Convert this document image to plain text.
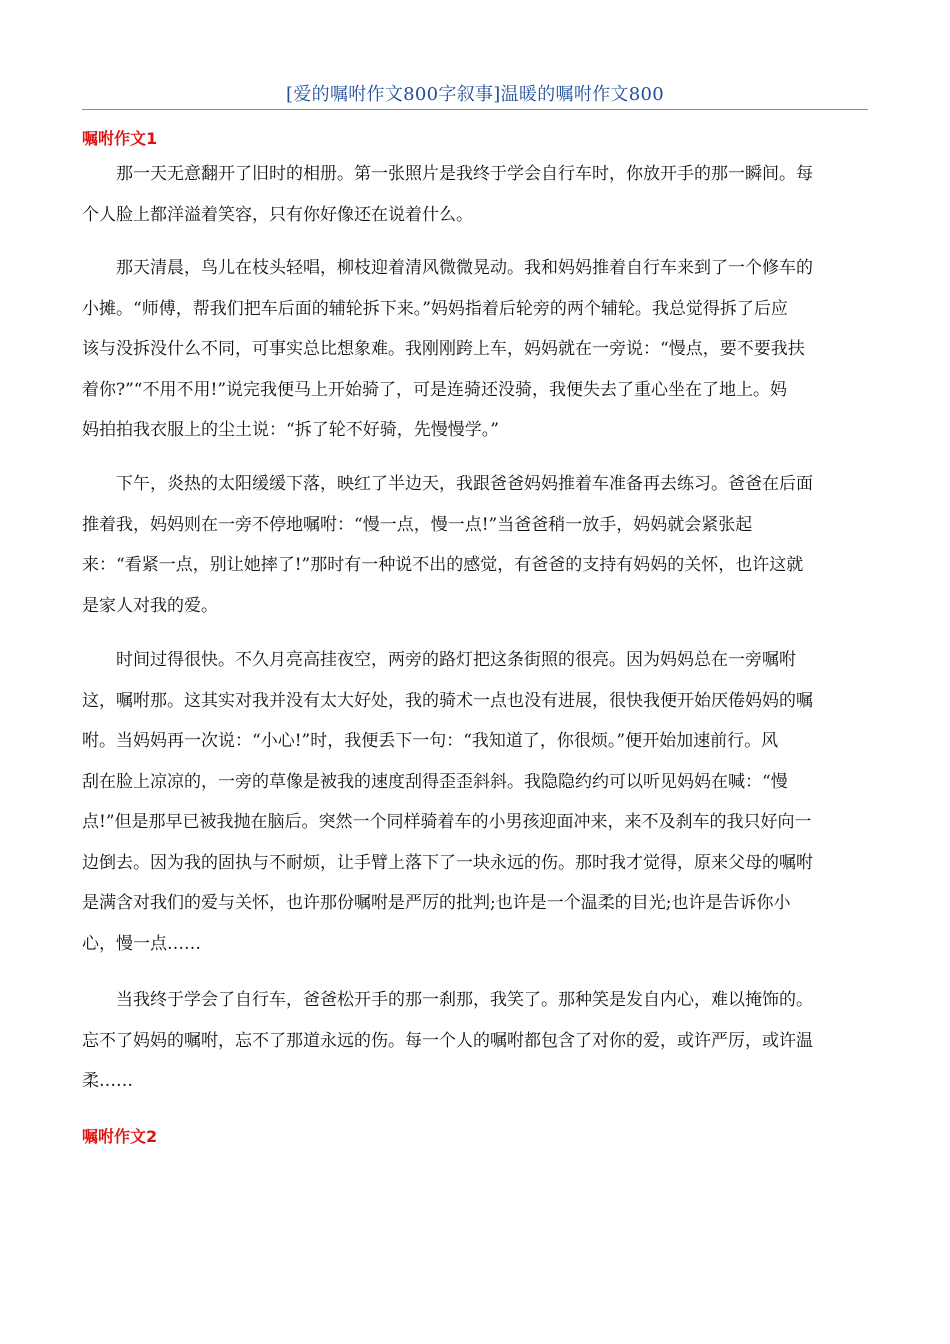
[爱的嘱咐作文800字叙事]温暖的嘱咐作文800
嘱咐作文1
那一天无意翻开了旧时的相册。第一张照片是我终于学会自行车时，你放开手的那一瞬间。每
个人脸上都洋溢着笑容，只有你好像还在说着什么。
那天清晨，鸟儿在枝头轻唱，柳枝迎着清风微微晃动。我和妈妈推着自行车来到了一个修车的
小摊。“师傅，帮我们把车后面的辅轮拆下来。”妈妈指着后轮旁的两个辅轮。我总觉得拆了后应
该与没拆没什么不同，可事实总比想象难。我刚刚跨上车，妈妈就在一旁说：“慢点，要不要我扶
着你?”“不用不用!”说完我便马上开始骑了，可是连骑还没骑，我便失去了重心坐在了地上。妈
妈拍拍我衣服上的尘土说：“拆了轮不好骑，先慢慢学。”
下午，炎热的太阳缓缓下落，映红了半边天，我跟爸爸妈妈推着车准备再去练习。爸爸在后面
推着我，妈妈则在一旁不停地嘱咐：“慢一点，慢一点!”当爸爸稍一放手，妈妈就会紧张起
来：“看紧一点，别让她摔了!”那时有一种说不出的感觉，有爸爸的支持有妈妈的关怀，也许这就
是家人对我的爱。
时间过得很快。不久月亮高挂夜空，两旁的路灯把这条街照的很亮。因为妈妈总在一旁嘱咐
这，嘱咐那。这其实对我并没有太大好处，我的骑术一点也没有进展，很快我便开始厌倦妈妈的嘱
咐。当妈妈再一次说：“小心!”时，我便丢下一句：“我知道了，你很烦。”便开始加速前行。风
刮在脸上凉凉的，一旁的草像是被我的速度刮得歪歪斜斜。我隐隐约约可以听见妈妈在喊：“慢
点!”但是那早已被我抛在脑后。突然一个同样骑着车的小男孩迎面冲来，来不及刹车的我只好向一
边倒去。因为我的固执与不耐烦，让手臂上落下了一块永远的伤。那时我才觉得，原来父母的嘱咐
是满含对我们的爱与关怀，也许那份嘱咐是严厉的批判;也许是一个温柔的目光;也许是告诉你小
心，慢一点……
当我终于学会了自行车，爸爸松开手的那一刹那，我笑了。那种笑是发自内心，难以掩饰的。
忘不了妈妈的嘱咐，忘不了那道永远的伤。每一个人的嘱咐都包含了对你的爱，或许严厉，或许温
柔……
嘱咐作文2
